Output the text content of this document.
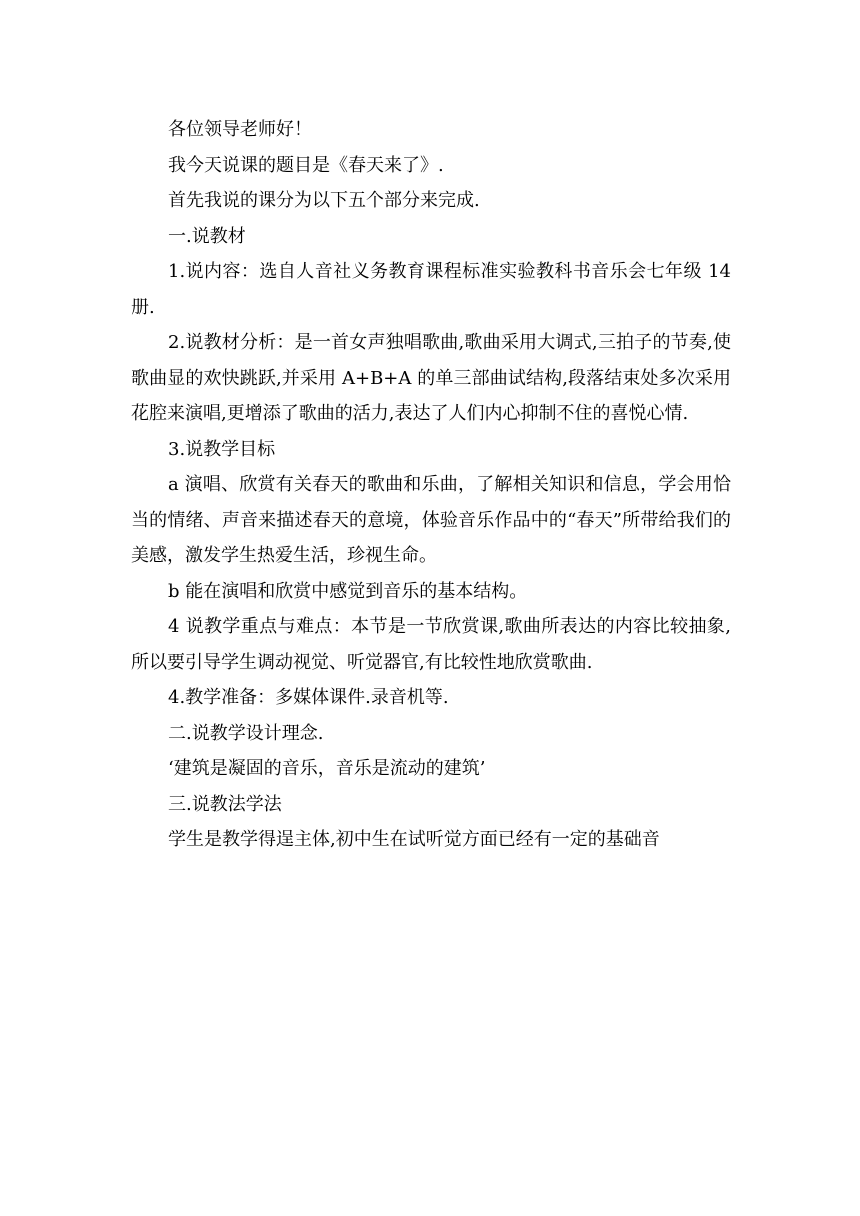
各位领导老师好！

我今天说课的题目是《春天来了》.

首先我说的课分为以下五个部分来完成.

一.说教材

1.说内容：选自人音社义务教育课程标准实验教科书音乐会七年级 14 册.

2.说教材分析：是一首女声独唱歌曲,歌曲采用大调式,三拍子的节奏,使歌曲显的欢快跳跃,并采用 A+B+A 的单三部曲试结构,段落结束处多次采用花腔来演唱,更增添了歌曲的活力,表达了人们内心抑制不住的喜悦心情.

3.说教学目标

a 演唱、欣赏有关春天的歌曲和乐曲，了解相关知识和信息，学会用恰当的情绪、声音来描述春天的意境，体验音乐作品中的“春天”所带给我们的美感，激发学生热爱生活，珍视生命。

b 能在演唱和欣赏中感觉到音乐的基本结构。

4 说教学重点与难点：本节是一节欣赏课,歌曲所表达的内容比较抽象,所以要引导学生调动视觉、听觉器官,有比较性地欣赏歌曲.

4.教学准备：多媒体课件.录音机等.

二.说教学设计理念.

‘建筑是凝固的音乐，音乐是流动的建筑’

三.说教法学法

学生是教学得逞主体,初中生在试听觉方面已经有一定的基础音
